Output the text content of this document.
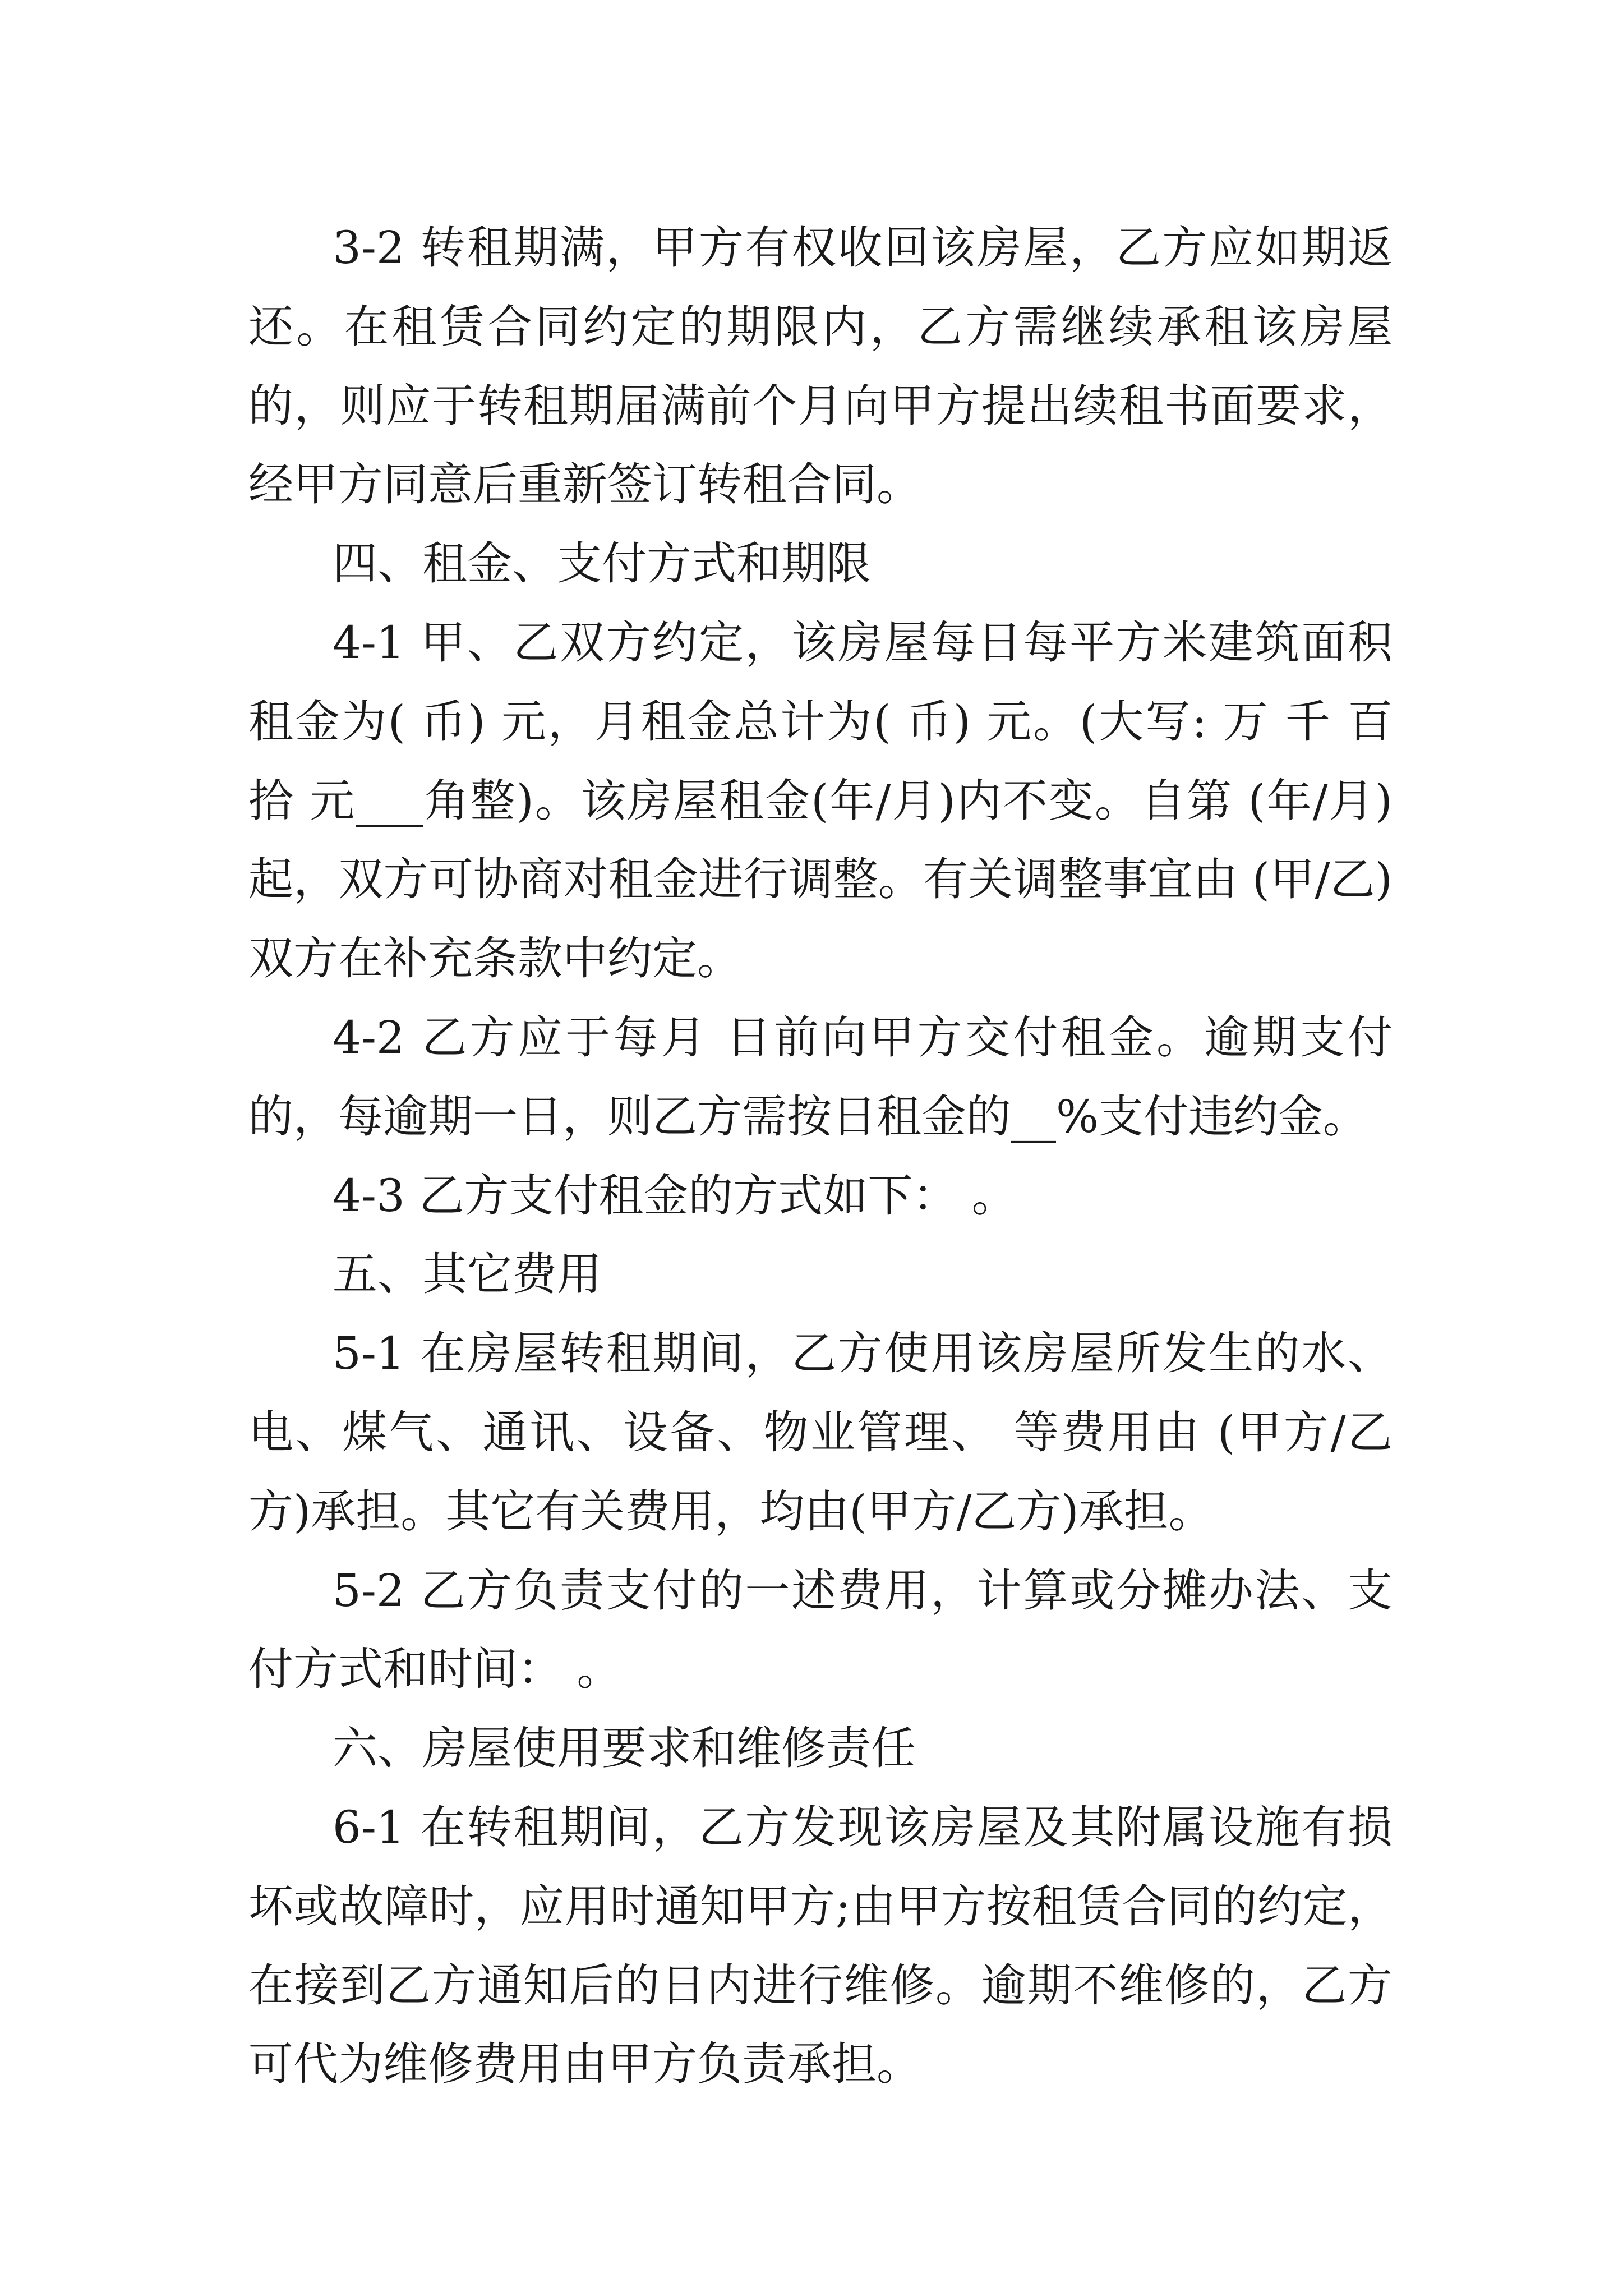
3-2 转租期满，甲方有权收回该房屋，乙方应如期返还。在租赁合同约定的期限内，乙方需继续承租该房屋的，则应于转租期届满前个月向甲方提出续租书面要求，经甲方同意后重新签订转租合同。

四、租金、支付方式和期限

4-1 甲、乙双方约定，该房屋每日每平方米建筑面积租金为( 币) 元，月租金总计为( 币) 元。(大写: 万 千 百 拾 元___角整)。该房屋租金(年/月)内不变。自第 (年/月)起，双方可协商对租金进行调整。有关调整事宜由 (甲/乙)双方在补充条款中约定。

4-2 乙方应于每月 日前向甲方交付租金。逾期支付的，每逾期一日，则乙方需按日租金的__%支付违约金。

4-3 乙方支付租金的方式如下： 。

五、其它费用

5-1 在房屋转租期间，乙方使用该房屋所发生的水、电、煤气、通讯、设备、物业管理、 等费用由 (甲方/乙方)承担。其它有关费用，均由(甲方/乙方)承担。

5-2 乙方负责支付的一述费用，计算或分摊办法、支付方式和时间： 。

六、房屋使用要求和维修责任

6-1 在转租期间，乙方发现该房屋及其附属设施有损坏或故障时，应用时通知甲方;由甲方按租赁合同的约定，在接到乙方通知后的日内进行维修。逾期不维修的，乙方可代为维修费用由甲方负责承担。
